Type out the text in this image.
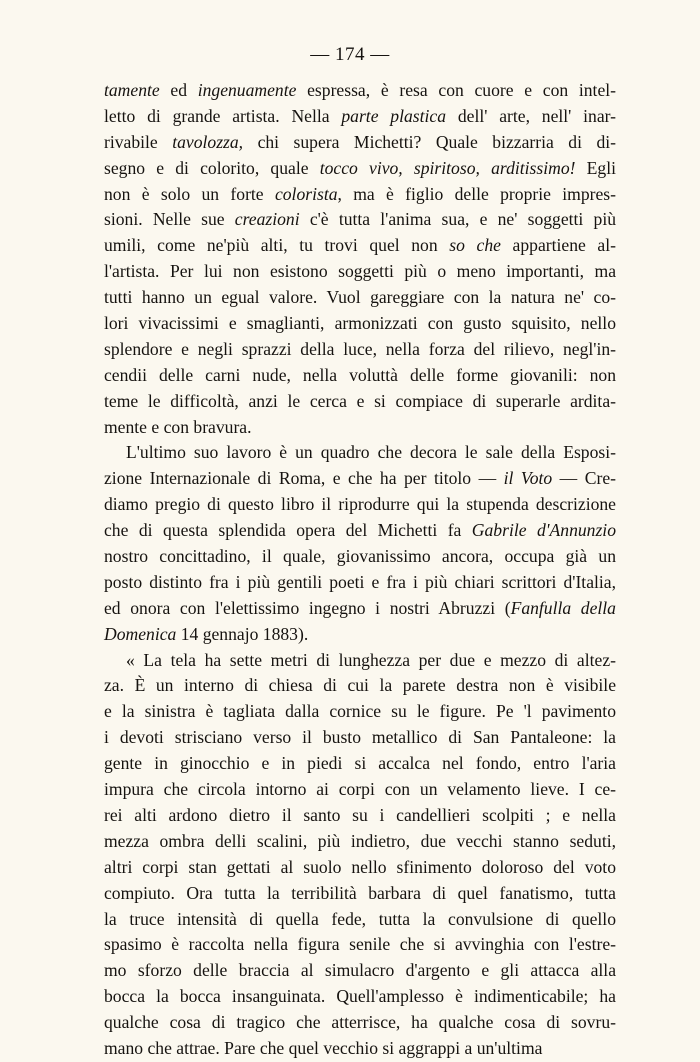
— 174 —
tamente ed ingenuamente espressa, è resa con cuore e con intel-
letto di grande artista. Nella parte plastica dell' arte, nell' inar-
rivabile tavolozza, chi supera Michetti? Quale bizzarria di di-
segno e di colorito, quale tocco vivo, spiritoso, arditissimo! Egli
non è solo un forte colorista, ma è figlio delle proprie impres-
sioni. Nelle sue creazioni c'è tutta l'anima sua, e ne' soggetti più
umili, come ne'più alti, tu trovi quel non so che appartiene al-
l'artista. Per lui non esistono soggetti più o meno importanti, ma
tutti hanno un egual valore. Vuol gareggiare con la natura ne' co-
lori vivacissimi e smaglianti, armonizzati con gusto squisito, nello
splendore e negli sprazzi della luce, nella forza del rilievo, negl'in-
cendii delle carni nude, nella voluttà delle forme giovanili: non
teme le difficoltà, anzi le cerca e si compiace di superarle ardita-
mente e con bravura.
L'ultimo suo lavoro è un quadro che decora le sale della Esposi-
zione Internazionale di Roma, e che ha per titolo — il Voto — Cre-
diamo pregio di questo libro il riprodurre qui la stupenda descrizione
che di questa splendida opera del Michetti fa Gabrile d'Annunzio
nostro concittadino, il quale, giovanissimo ancora, occupa già un
posto distinto fra i più gentili poeti e fra i più chiari scrittori d'Italia,
ed onora con l'elettissimo ingegno i nostri Abruzzi (Fanfulla della
Domenica 14 gennajo 1883).
« La tela ha sette metri di lunghezza per due e mezzo di altez-
za. È un interno di chiesa di cui la parete destra non è visibile
e la sinistra è tagliata dalla cornice su le figure. Pe 'l pavimento
i devoti strisciano verso il busto metallico di San Pantaleone: la
gente in ginocchio e in piedi si accalca nel fondo, entro l'aria
impura che circola intorno ai corpi con un velamento lieve. I ce-
rei alti ardono dietro il santo su i candellieri scolpiti ; e nella
mezza ombra delli scalini, più indietro, due vecchi stanno seduti,
altri corpi stan gettati al suolo nello sfinimento doloroso del voto
compiuto. Ora tutta la terribilità barbara di quel fanatismo, tutta
la truce intensità di quella fede, tutta la convulsione di quello
spasimo è raccolta nella figura senile che si avvinghia con l'estre-
mo sforzo delle braccia al simulacro d'argento e gli attacca alla
bocca la bocca insanguinata. Quell'amplesso è indimenticabile; ha
qualche cosa di tragico che atterrisce, ha qualche cosa di sovru-
mano che attrae. Pare che quel vecchio si aggrappi a un'ultima
